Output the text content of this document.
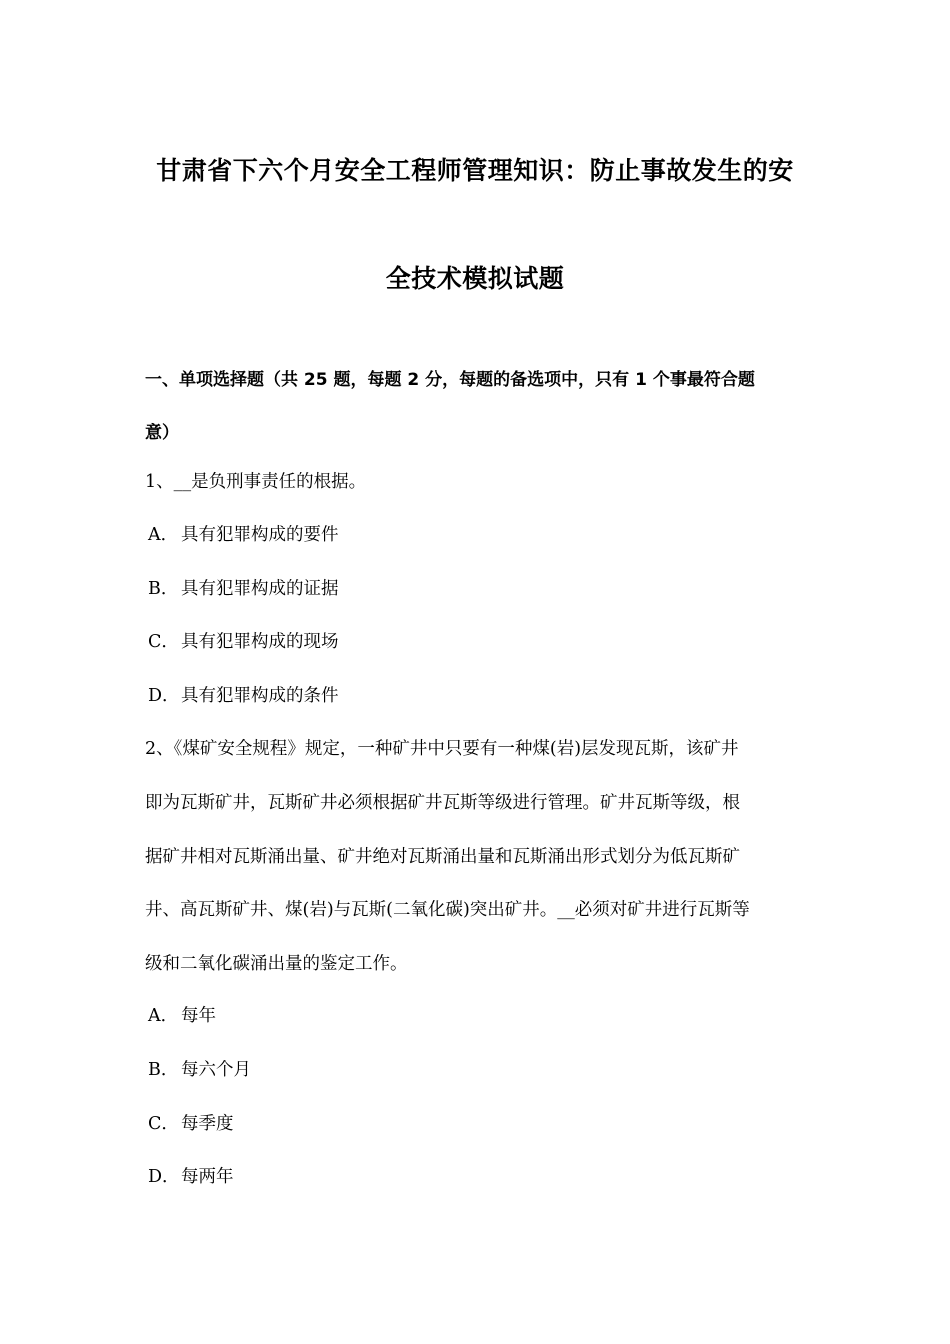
甘肃省下六个月安全工程师管理知识：防止事故发生的安
全技术模拟试题
一、单项选择题（共 25 题，每题 2 分，每题的备选项中，只有 1 个事最符合题
意）
1、__是负刑事责任的根据。
A． 具有犯罪构成的要件
B． 具有犯罪构成的证据
C． 具有犯罪构成的现场
D．具有犯罪构成的条件
2、《煤矿安全规程》规定，一种矿井中只要有一种煤(岩)层发现瓦斯，该矿井
即为瓦斯矿井，瓦斯矿井必须根据矿井瓦斯等级进行管理。矿井瓦斯等级，根
据矿井相对瓦斯涌出量、矿井绝对瓦斯涌出量和瓦斯涌出形式划分为低瓦斯矿
井、高瓦斯矿井、煤(岩)与瓦斯(二氧化碳)突出矿井。__必须对矿井进行瓦斯等
级和二氧化碳涌出量的鉴定工作。
A． 每年
B． 每六个月
C． 每季度
D．每两年
